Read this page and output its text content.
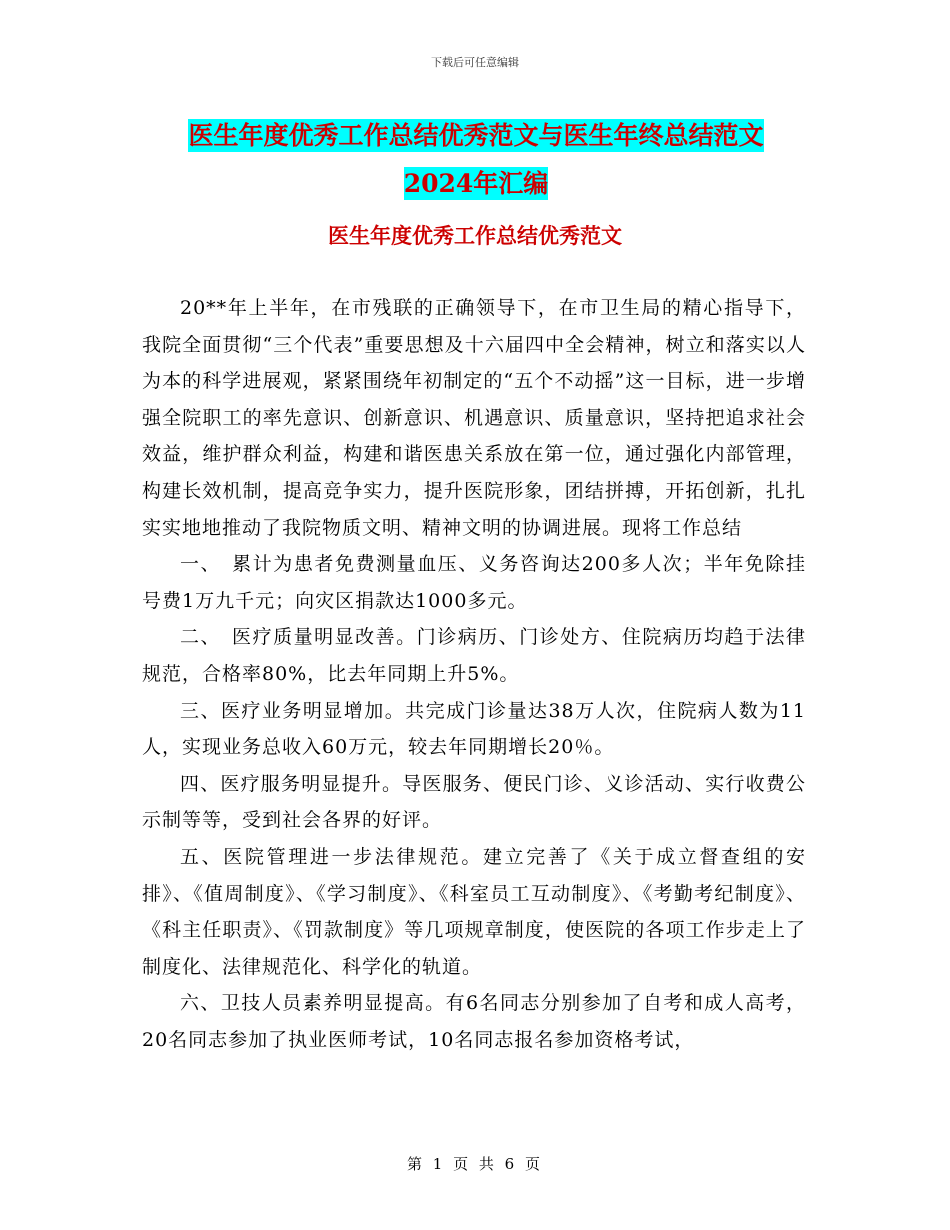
下载后可任意编辑
医生年度优秀工作总结优秀范文与医生年终总结范文
2024年汇编
医生年度优秀工作总结优秀范文

20**年上半年，在市残联的正确领导下，在市卫生局的精心指导下，我院全面贯彻“三个代表”重要思想及十六届四中全会精神，树立和落实以人为本的科学进展观，紧紧围绕年初制定的“五个不动摇”这一目标，进一步增强全院职工的率先意识、创新意识、机遇意识、质量意识，坚持把追求社会效益，维护群众利益，构建和谐医患关系放在第一位，通过强化内部管理，构建长效机制，提高竞争实力，提升医院形象，团结拼搏，开拓创新，扎扎实实地地推动了我院物质文明、精神文明的协调进展。现将工作总结

一、　累计为患者免费测量血压、义务咨询达200多人次；半年免除挂号费1万九千元；向灾区捐款达1000多元。

二、　医疗质量明显改善。门诊病历、门诊处方、住院病历均趋于法律规范，合格率80%，比去年同期上升5%。

三、医疗业务明显增加。共完成门诊量达38万人次，住院病人数为11人，实现业务总收入60万元，较去年同期增长20％。

四、医疗服务明显提升。导医服务、便民门诊、义诊活动、实行收费公示制等等，受到社会各界的好评。

五、医院管理进一步法律规范。建立完善了《关于成立督查组的安排》、《值周制度》、《学习制度》、《科室员工互动制度》、《考勤考纪制度》、《科主任职责》、《罚款制度》等几项规章制度，使医院的各项工作步走上了制度化、法律规范化、科学化的轨道。

六、卫技人员素养明显提高。有6名同志分别参加了自考和成人高考，20名同志参加了执业医师考试，10名同志报名参加资格考试，

第 1 页 共 6 页
